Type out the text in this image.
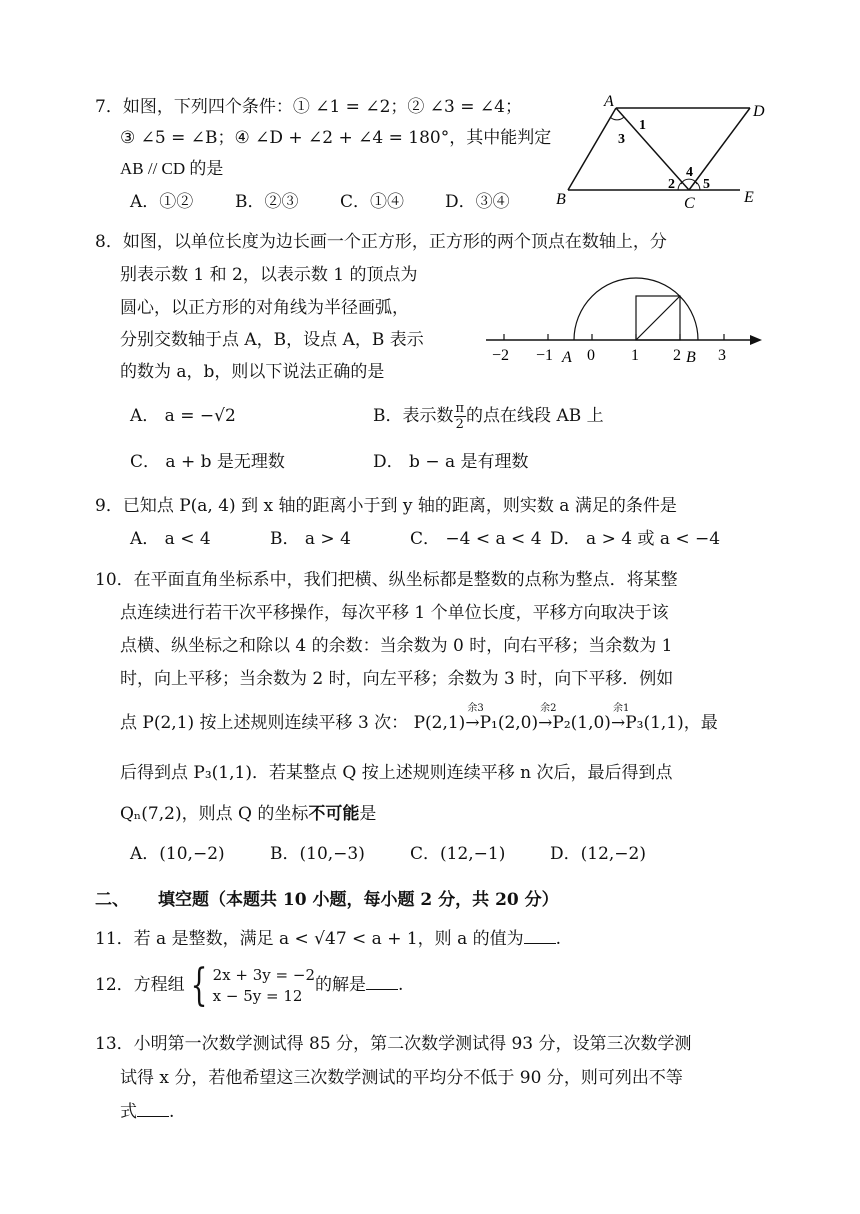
7．如图，下列四个条件：① ∠1 = ∠2；② ∠3 = ∠4；
③ ∠5 = ∠B；④ ∠D + ∠2 + ∠4 = 180°，其中能判定
AB // CD 的是
A．①② B．②③ C．①④ D．③④
A
D
B	C	E
1
3
4
2 5
8．如图，以单位长度为边长画一个正方形，正方形的两个顶点在数轴上，分
别表示数 1 和 2，以表示数 1 的顶点为
圆心，以正方形的对角线为半径画弧，
分别交数轴于点 A，B，设点 A，B 表示
的数为 a，b，则以下说法正确的是
−2 −1 A 0 1 2 B 3
A． a = −√2	B．表示数 $\frac{\pi}{2}$ 的点在线段 AB 上
C． a + b 是无理数	D． b − a 是有理数
9．已知点 P(a, 4) 到 x 轴的距离小于到 y 轴的距离，则实数 a 满足的条件是
A． a < 4	B． a > 4	C． −4 < a < 4 D． a > 4 或 a < −4
10．在平面直角坐标系中，我们把横、纵坐标都是整数的点称为整点．将某整
点连续进行若干次平移操作，每次平移 1 个单位长度，平移方向取决于该
点横、纵坐标之和除以 4 的余数：当余数为 0 时，向右平移；当余数为 1
时，向上平移；当余数为 2 时，向左平移；余数为 3 时，向下平移．例如
点 P(2,1) 按上述规则连续平移 3 次： P(2,1)→
余3
P₁(2,0)→
余2
P₂(1,0)→
余1
P₃(1,1)，最
后得到点 P₃(1,1)．若某整点 Q 按上述规则连续平移 n 次后，最后得到点
Qₙ(7,2)，则点 Q 的坐标不可能是
A．(10,−2)	B．(10,−3)	C．(12,−1)	D．(12,−2)
二、 填空题（本题共 10 小题，每小题 2 分，共 20 分）
11．若 a 是整数，满足 a < √47 < a + 1，则 a 的值为 .
12．方程组 { 2x + 3y = −2
x − 5y = 12
的解是 .
13．小明第一次数学测试得 85 分，第二次数学测试得 93 分，设第三次数学测
试得 x 分，若他希望这三次数学测试的平均分不低于 90 分，则可列出不等
式 .
